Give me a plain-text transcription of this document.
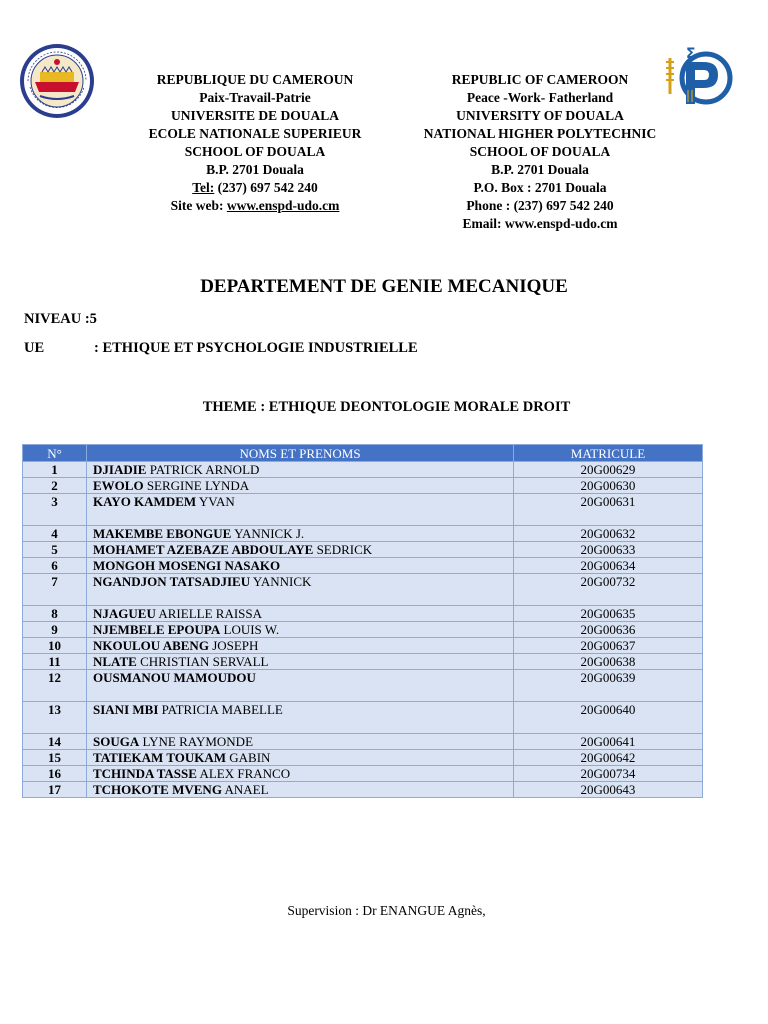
Σ
REPUBLIQUE DU CAMEROUN
Paix-Travail-Patrie
UNIVERSITE DE DOUALA
ECOLE NATIONALE SUPERIEUR
SCHOOL OF DOUALA
B.P. 2701 Douala
Tel: (237) 697 542 240
Site web: www.enspd-udo.cm
REPUBLIC OF CAMEROON
Peace -Work- Fatherland
UNIVERSITY OF DOUALA
NATIONAL HIGHER POLYTECHNIC
SCHOOL OF DOUALA
B.P. 2701 Douala
P.O. Box : 2701 Douala
Phone : (237) 697 542 240
Email: www.enspd-udo.cm
DEPARTEMENT DE GENIE MECANIQUE
NIVEAU :5
UE	: ETHIQUE ET PSYCHOLOGIE INDUSTRIELLE
THEME : ETHIQUE DEONTOLOGIE MORALE DROIT
N°	NOMS ET PRENOMS	MATRICULE
1	DJIADIE PATRICK ARNOLD	20G00629
2	EWOLO SERGINE LYNDA	20G00630
3	KAYO KAMDEM YVAN	20G00631
4	MAKEMBE EBONGUE YANNICK J.	20G00632
5	MOHAMET AZEBAZE ABDOULAYE SEDRICK	20G00633
6	MONGOH MOSENGI NASAKO	20G00634
7	NGANDJON TATSADJIEU YANNICK	20G00732
8	NJAGUEU ARIELLE RAISSA	20G00635
9	NJEMBELE EPOUPA LOUIS W.	20G00636
10	NKOULOU ABENG JOSEPH	20G00637
11	NLATE CHRISTIAN SERVALL	20G00638
12	OUSMANOU MAMOUDOU	20G00639
13	SIANI MBI PATRICIA MABELLE	20G00640
14	SOUGA LYNE RAYMONDE	20G00641
15	TATIEKAM TOUKAM GABIN	20G00642
16	TCHINDA TASSE ALEX FRANCO	20G00734
17	TCHOKOTE MVENG ANAEL	20G00643
Supervision : Dr ENANGUE Agnès,
